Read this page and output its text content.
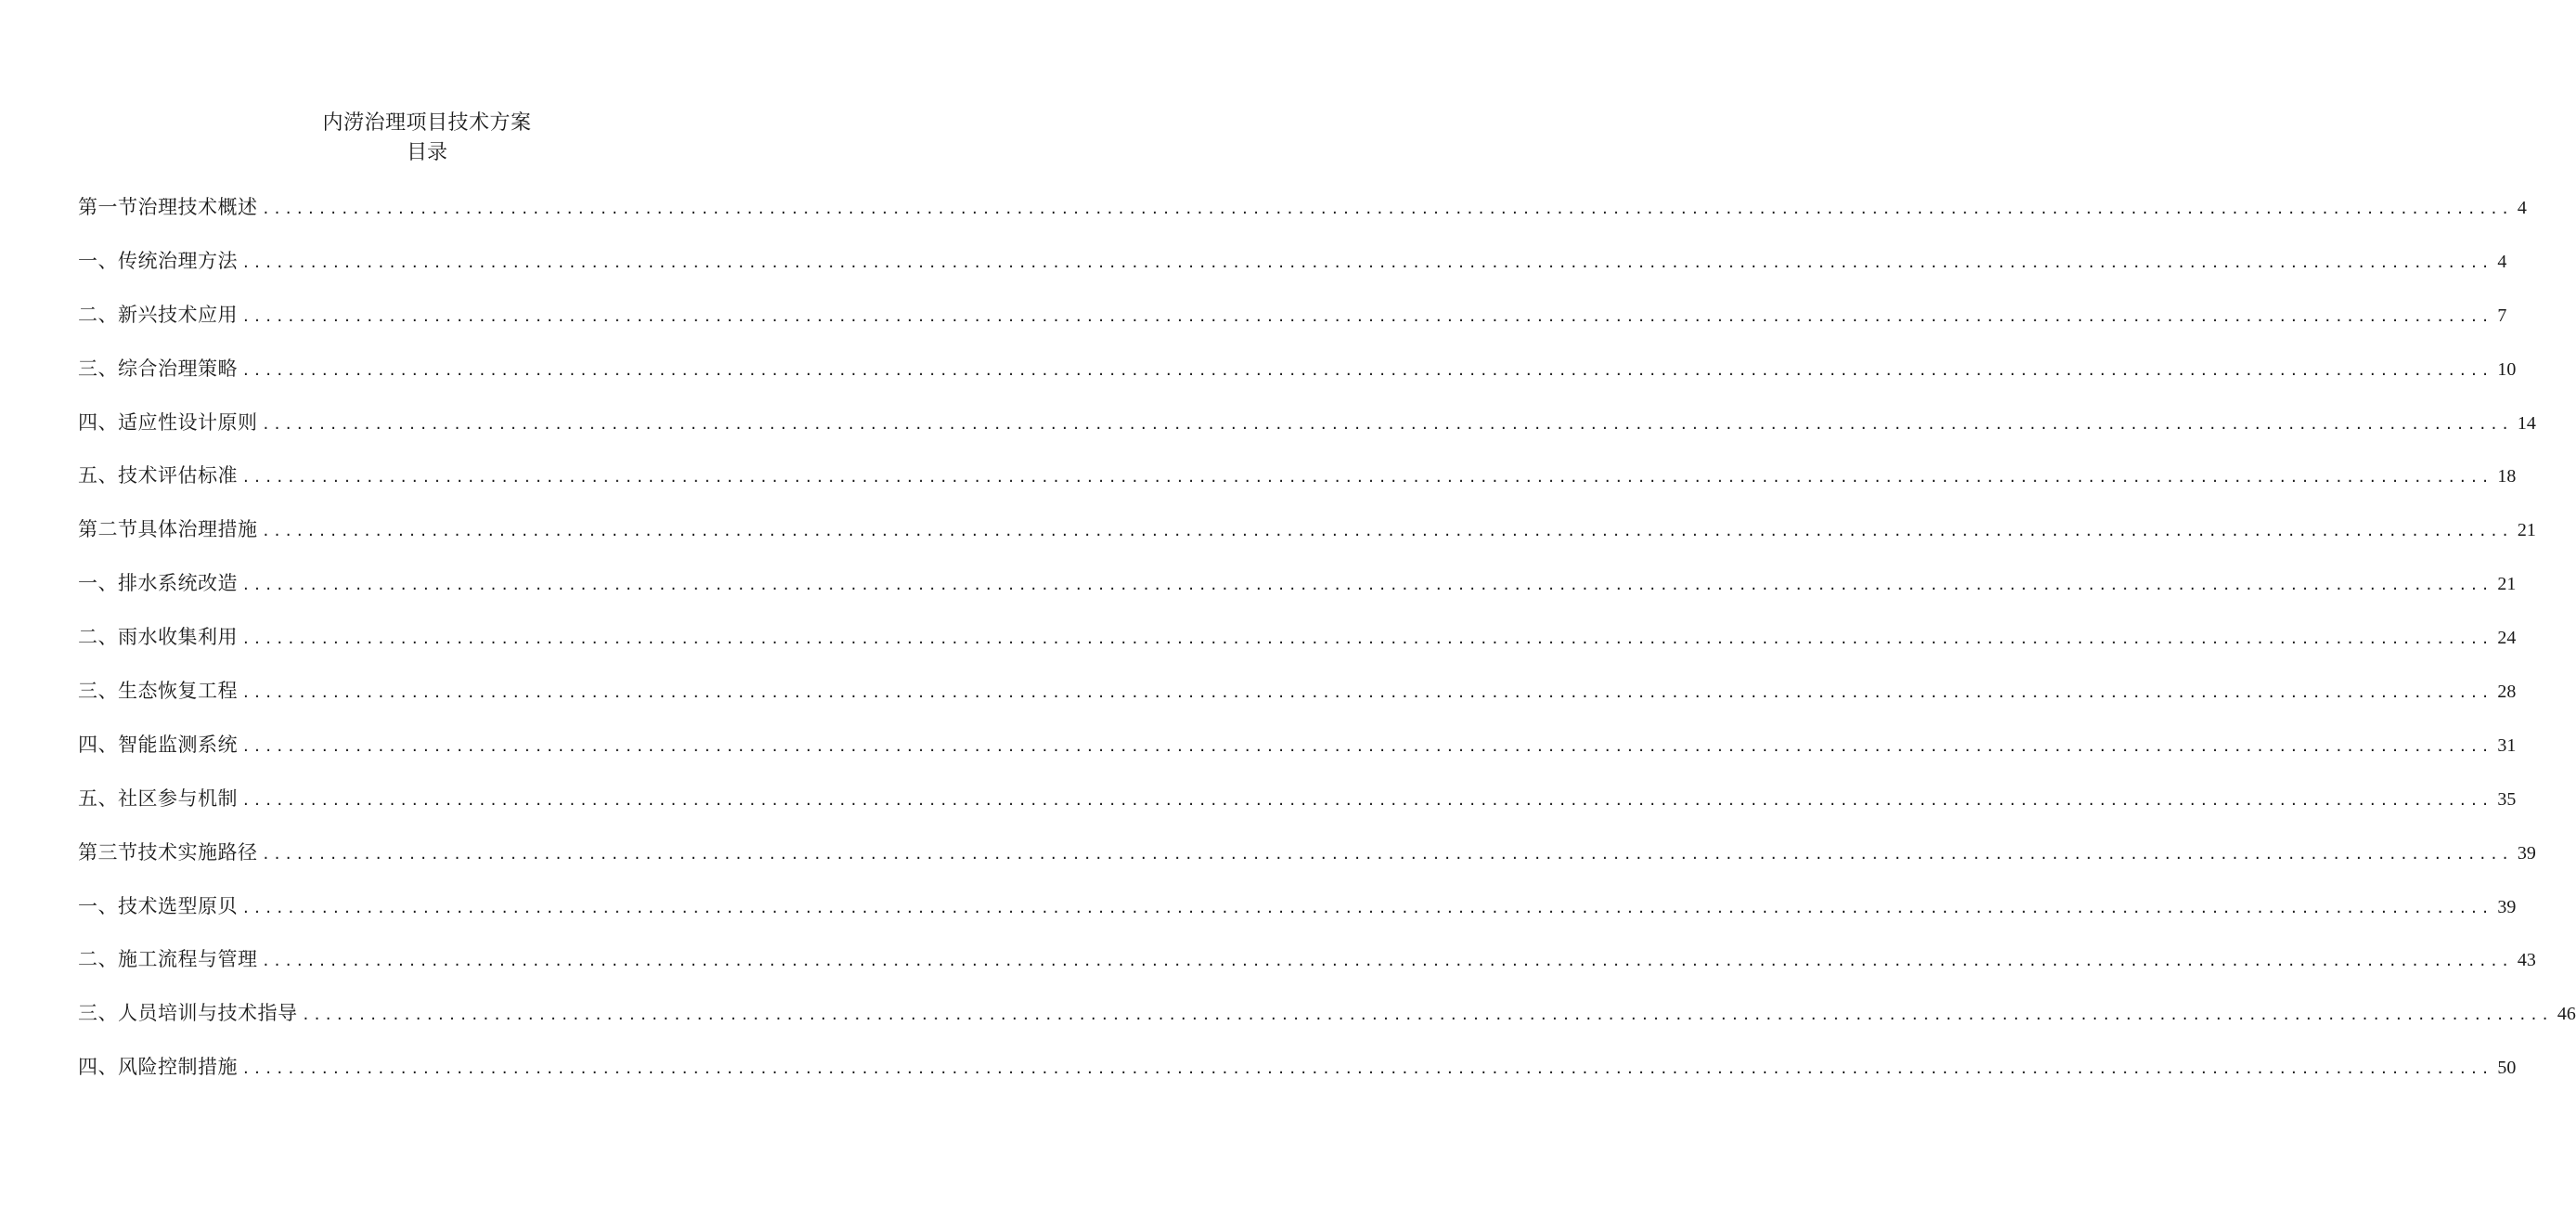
内涝治理项目技术方案
目录
第一节治理技术概述 ........................................................................................................................................................................................................ 4
一、传统治理方法 ........................................................................................................................................................................................................ 4
二、新兴技术应用 ........................................................................................................................................................................................................ 7
三、综合治理策略 ........................................................................................................................................................................................................ 10
四、适应性设计原则 ........................................................................................................................................................................................................ 14
五、技术评估标准 ........................................................................................................................................................................................................ 18
第二节具体治理措施 ........................................................................................................................................................................................................ 21
一、排水系统改造 ........................................................................................................................................................................................................ 21
二、雨水收集利用 ........................................................................................................................................................................................................ 24
三、生态恢复工程 ........................................................................................................................................................................................................ 28
四、智能监测系统 ........................................................................................................................................................................................................ 31
五、社区参与机制 ........................................................................................................................................................................................................ 35
第三节技术实施路径 ........................................................................................................................................................................................................ 39
一、技术选型原贝 ........................................................................................................................................................................................................ 39
二、施工流程与管理 ........................................................................................................................................................................................................ 43
三、人员培训与技术指导 ........................................................................................................................................................................................................ 46
四、风险控制措施 ........................................................................................................................................................................................................ 50
